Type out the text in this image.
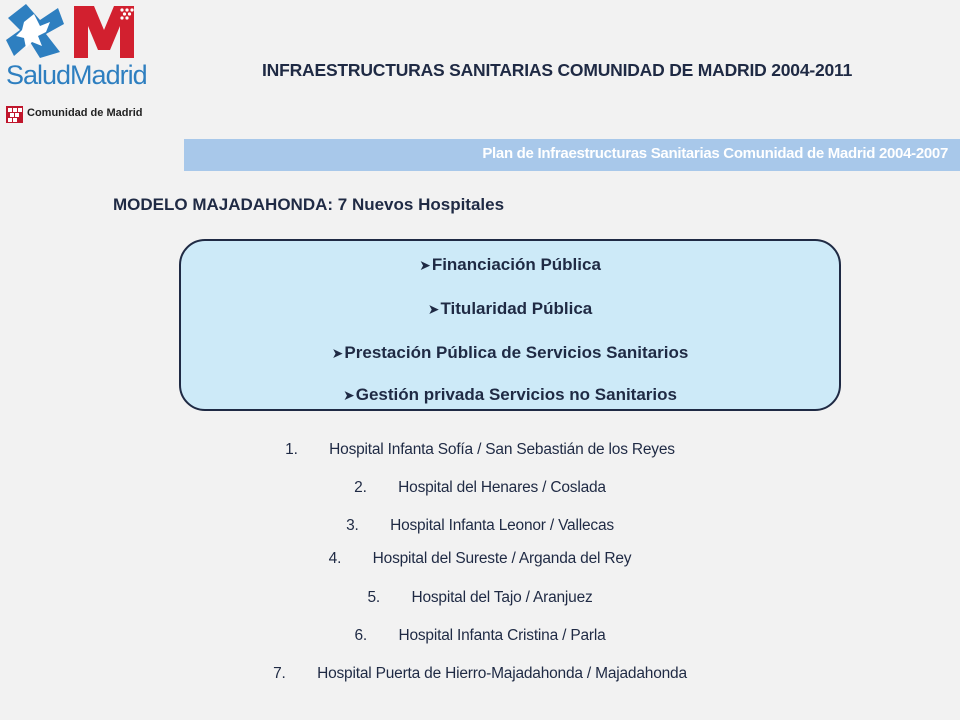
SaludMadrid
Comunidad de Madrid
INFRAESTRUCTURAS SANITARIAS COMUNIDAD DE MADRID 2004-2011
Plan de Infraestructuras Sanitarias Comunidad de Madrid 2004-2007
MODELO MAJADAHONDA: 7 Nuevos Hospitales
➤Financiación Pública
➤Titularidad Pública
➤Prestación Pública de Servicios Sanitarios
➤Gestión privada Servicios no Sanitarios
1. Hospital Infanta Sofía / San Sebastián de los Reyes
2. Hospital del Henares / Coslada
3. Hospital Infanta Leonor / Vallecas
4. Hospital del Sureste / Arganda del Rey
5. Hospital del Tajo / Aranjuez
6. Hospital Infanta Cristina / Parla
7. Hospital Puerta de Hierro-Majadahonda / Majadahonda
